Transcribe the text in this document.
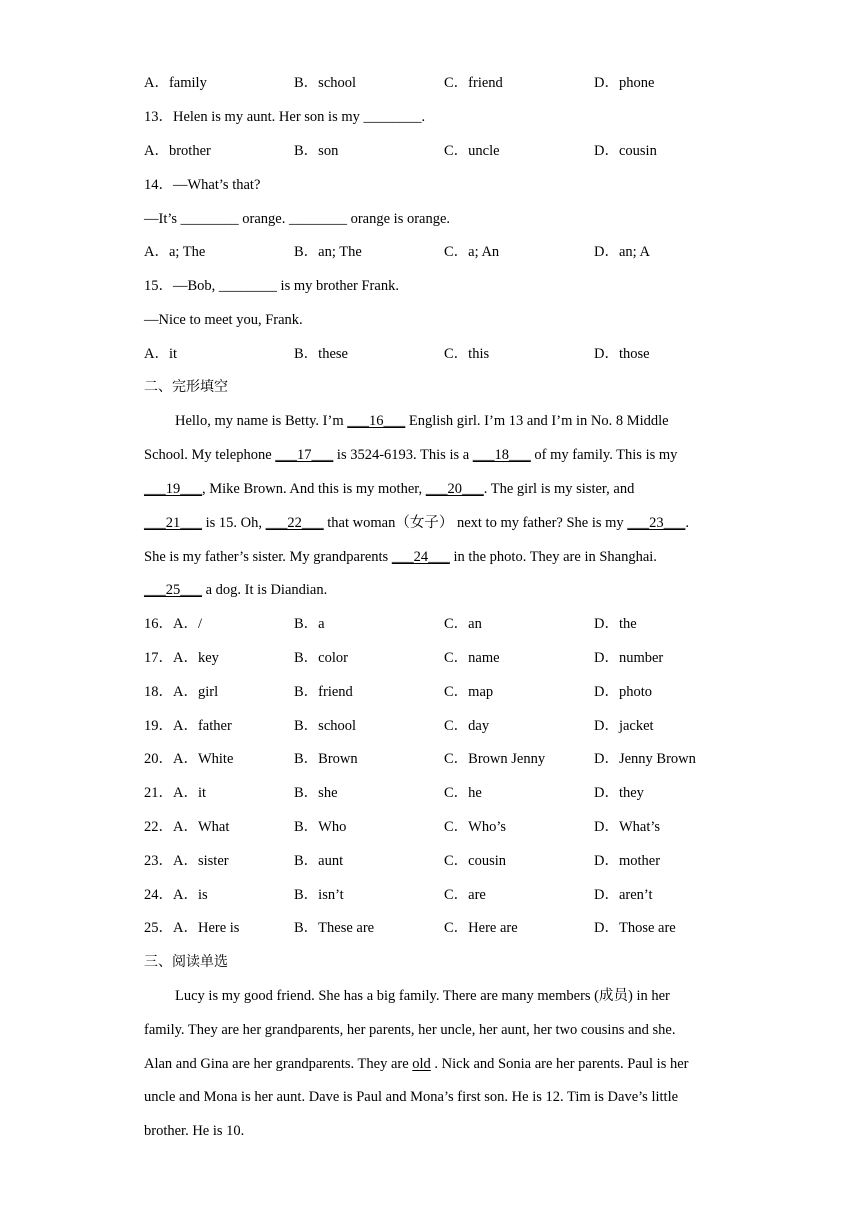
A．family	B．school	C．friend	D．phone
13．Helen is my aunt. Her son is my ________.
A．brother	B．son	C．uncle	D．cousin
14．—What’s that?
—It’s ________ orange. ________ orange is orange.
A．a; The	B．an; The	C．a; An	D．an; A
15．—Bob, ________ is my brother Frank.
—Nice to meet you, Frank.
A．it	B．these	C．this	D．those
二、完形填空
Hello, my name is Betty. I’m ___16___ English girl. I’m 13 and I’m in No. 8 Middle
School. My telephone ___17___ is 3524-6193. This is a ___18___ of my family. This is my
___19___, Mike Brown. And this is my mother, ___20___. The girl is my sister, and
___21___ is 15. Oh, ___22___ that woman（女子） next to my father? She is my ___23___.
She is my father’s sister. My grandparents ___24___ in the photo. They are in Shanghai.
___25___ a dog. It is Diandian.
16．A．/	B．a	C．an	D．the
17．A．key	B．color	C．name	D．number
18．A．girl	B．friend	C．map	D．photo
19．A．father	B．school	C．day	D．jacket
20．A．White	B．Brown	C．Brown Jenny	D．Jenny Brown
21．A．it	B．she	C．he	D．they
22．A．What	B．Who	C．Who’s	D．What’s
23．A．sister	B．aunt	C．cousin	D．mother
24．A．is	B．isn’t	C．are	D．aren’t
25．A．Here is	B．These are	C．Here are	D．Those are
三、阅读单选
Lucy is my good friend. She has a big family. There are many members (成员) in her
family. They are her grandparents, her parents, her uncle, her aunt, her two cousins and she.
Alan and Gina are her grandparents. They are old . Nick and Sonia are her parents. Paul is her
uncle and Mona is her aunt. Dave is Paul and Mona’s first son. He is 12. Tim is Dave’s little
brother. He is 10.
